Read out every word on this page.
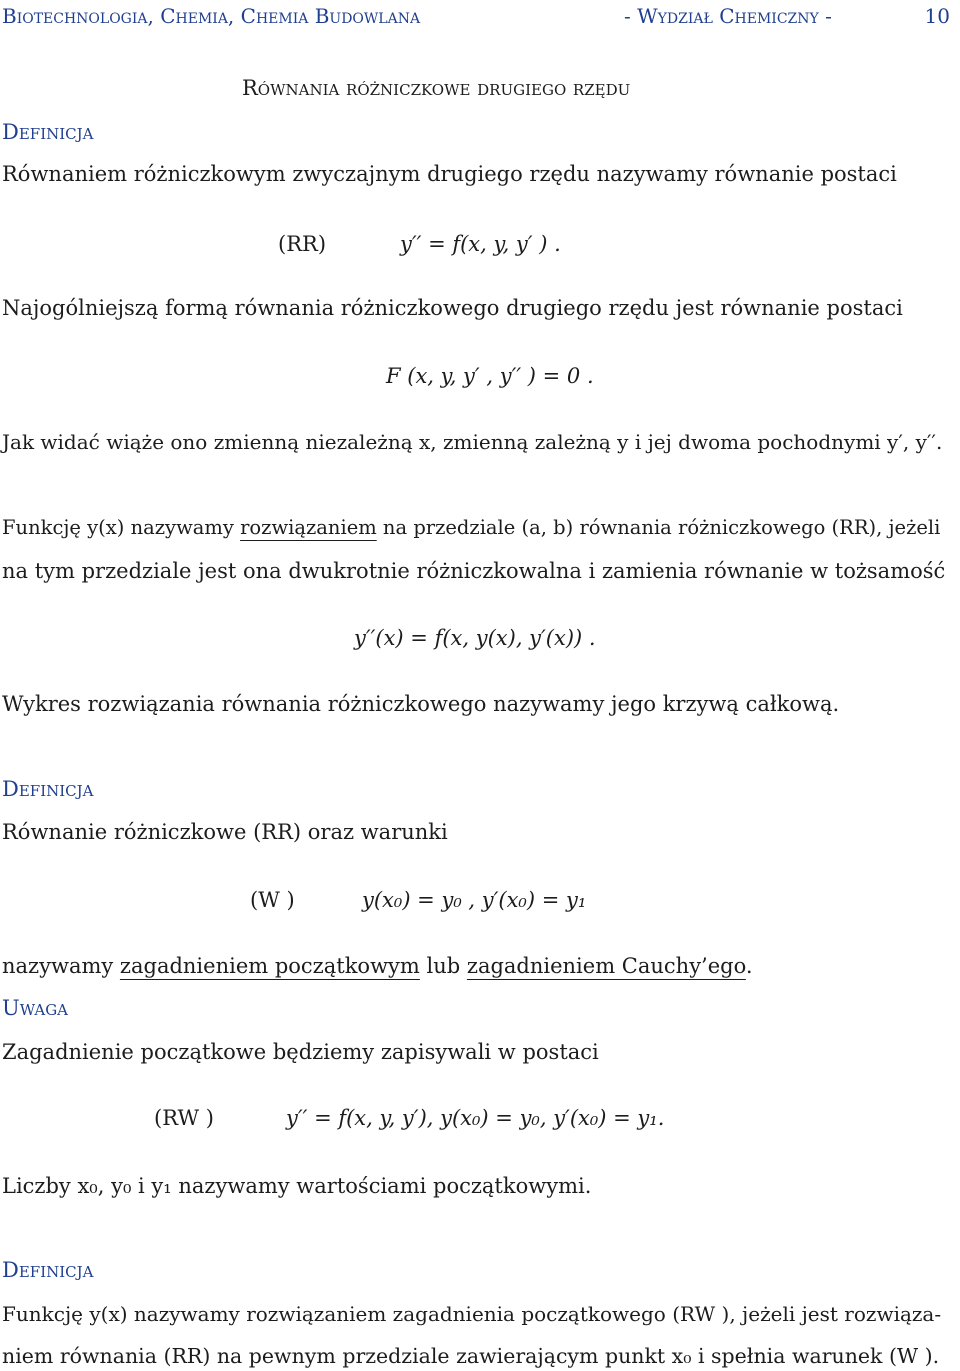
Biotechnologia, Chemia, Chemia Budowlana	- Wydział Chemiczny -	10
Równania różniczkowe drugiego rzędu
Definicja
Równaniem różniczkowym zwyczajnym drugiego rzędu nazywamy równanie postaci
(RR)	y′′ = f(x, y, y′ ) .
Najogólniejszą formą równania różniczkowego drugiego rzędu jest równanie postaci
F (x, y, y′ , y′′ ) = 0 .
Jak widać wiąże ono zmienną niezależną x, zmienną zależną y i jej dwoma pochodnymi y′, y′′.
Funkcję y(x) nazywamy rozwiązaniem na przedziale (a, b) równania różniczkowego (RR), jeżeli
na tym przedziale jest ona dwukrotnie różniczkowalna i zamienia równanie w tożsamość
y′′(x) = f(x, y(x), y′(x)) .
Wykres rozwiązania równania różniczkowego nazywamy jego krzywą całkową.
Definicja
Równanie różniczkowe (RR) oraz warunki
(W )	y(x₀) = y₀ , y′(x₀) = y₁
nazywamy zagadnieniem początkowym lub zagadnieniem Cauchy’ego.
Uwaga
Zagadnienie początkowe będziemy zapisywali w postaci
(RW )	y′′ = f(x, y, y′), y(x₀) = y₀, y′(x₀) = y₁.
Liczby x₀, y₀ i y₁ nazywamy wartościami początkowymi.
Definicja
Funkcję y(x) nazywamy rozwiązaniem zagadnienia początkowego (RW ), jeżeli jest rozwiąza-
niem równania (RR) na pewnym przedziale zawierającym punkt x₀ i spełnia warunek (W ).
